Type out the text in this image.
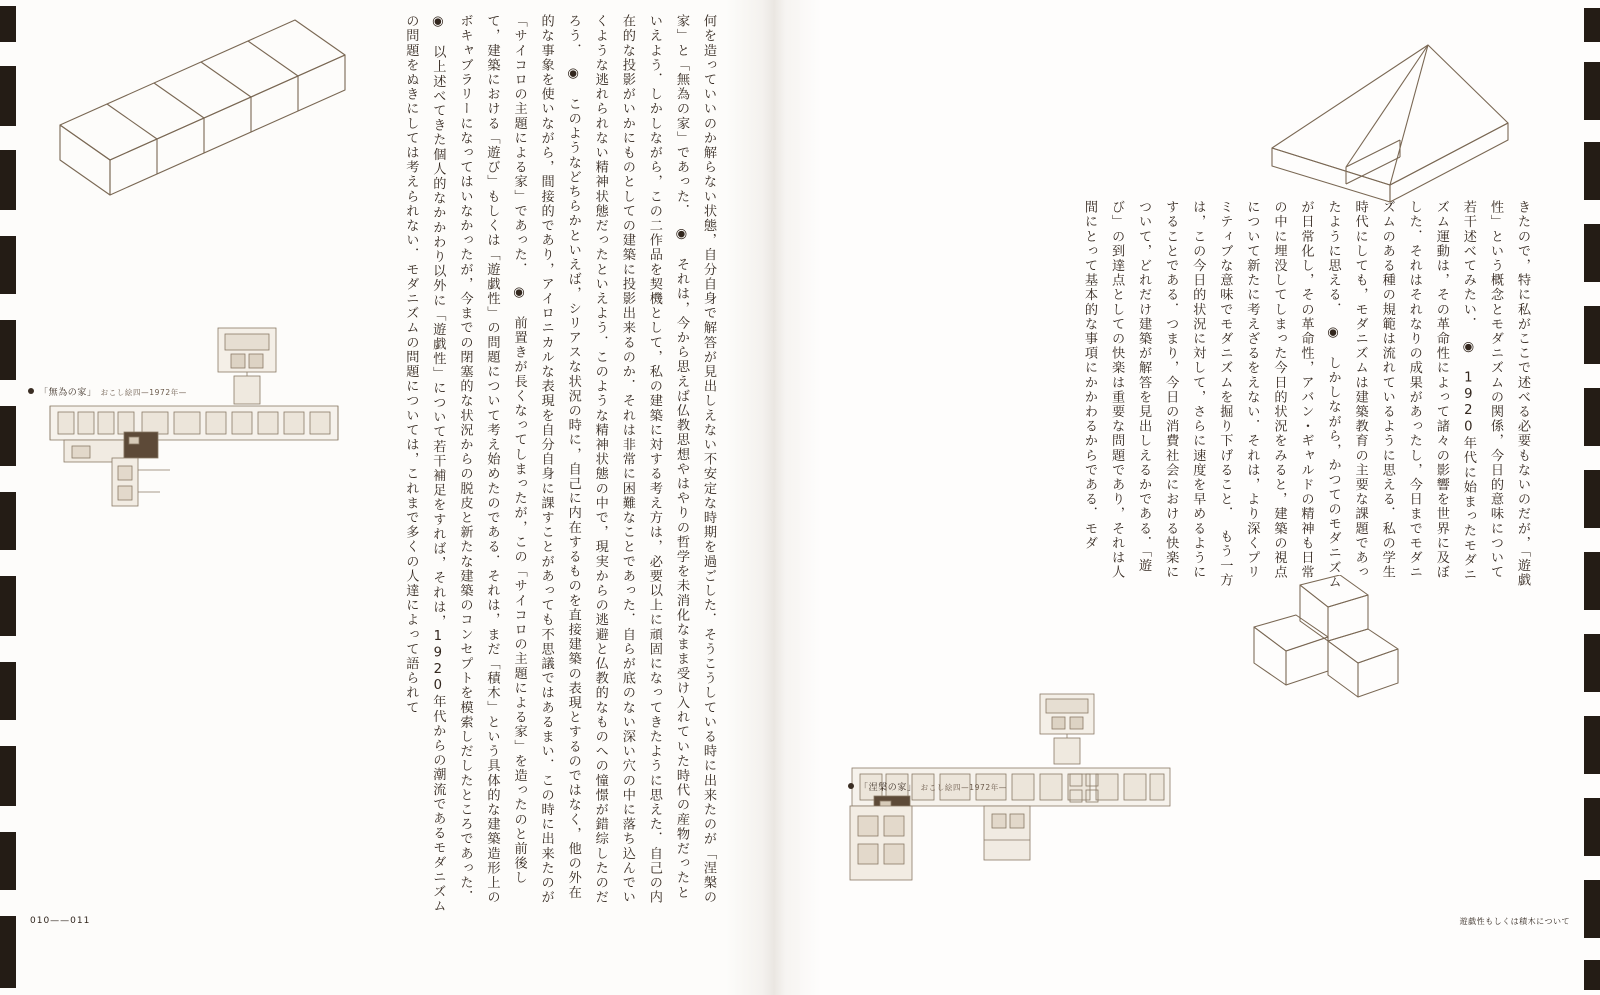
「無為の家」 おこし絵四—1972年—	何を造っていいのか解らない状態，自分自身で解答が見出しえない不安定な時期を過ごした．そうこうしている時に出来たのが「涅槃の家」と「無為の家」であった．　◉　それは，今から思えば仏教思想やはやりの哲学を未消化なまま受け入れていた時代の産物だったといえよう．しかしながら，この二作品を契機として，私の建築に対する考え方は，必要以上に頑固になってきたように思えた．自己の内在的な投影がいかにものとしての建築に投影出来るのか．それは非常に困難なことであった．自らが底のない深い穴の中に落ち込んでいくような逃れられない精神状態だったといえよう．このような精神状態の中で，現実からの逃避と仏教的なものへの憧憬が錯综したのだろう．　◉　このようなどちらかといえば，シリアスな状況の時に，自己に内在するものを直接建築の表現とするのではなく，他の外在的な事象を使いながら，間接的であり，アイロニカルな表現を自分自身に課すことがあっても不思議ではあるまい．この時に出来たのが「サイコロの主題による家」であった．　◉　前置きが長くなってしまったが，この「サイコロの主題による家」を造ったのと前後して，建築における「遊び」もしくは「遊戯性」の問題について考え始めたのである．それは，まだ「積木」という具体的な建築造形上のボキャブラリーになってはいなかったが，今までの閉塞的な状況からの脱皮と新たな建築のコンセプトを模索しだしたところであった．　◉　以上述べてきた個人的なかかわり以外に「遊戯性」について若干補足をすれば，それは，1920年代からの潮流であるモダニズムの問題をぬきにしては考えられない．モダニズムの問題については，これまで多くの人達によって語られて
010——011
「涅槃の家」 おこし絵四—1972年—
きたので，特に私がここで述べる必要もないのだが，「遊戯性」という概念とモダニズムの関係，今日的意味について若干述べてみたい．　◉　1920年代に始まったモダニズム運動は，その革命性によって諸々の影響を世界に及ぼした．それはそれなりの成果があったし，今日までモダニズムのある種の規範は流れているように思える．私の学生時代にしても，モダニズムは建築教育の主要な課題であったように思える．　◉　しかしながら，かつてのモダニズムが日常化し，その革命性，アバン・ギャルドの精神も日常の中に埋没してしまった今日的状況をみると，建築の視点について新たに考えざるをえない．それは，より深くプリミティブな意味でモダニズムを掘り下げること．　もう一方は，この今日的状況に対して，さらに速度を早めるようにすることである．つまり，今日の消費社会における快楽について，どれだけ建築が解答を見出しえるかである．「遊び」の到達点としての快楽は重要な問題であり，それは人間にとって基本的な事項にかかわるからである．モダ
遊戯性もしくは積木について
